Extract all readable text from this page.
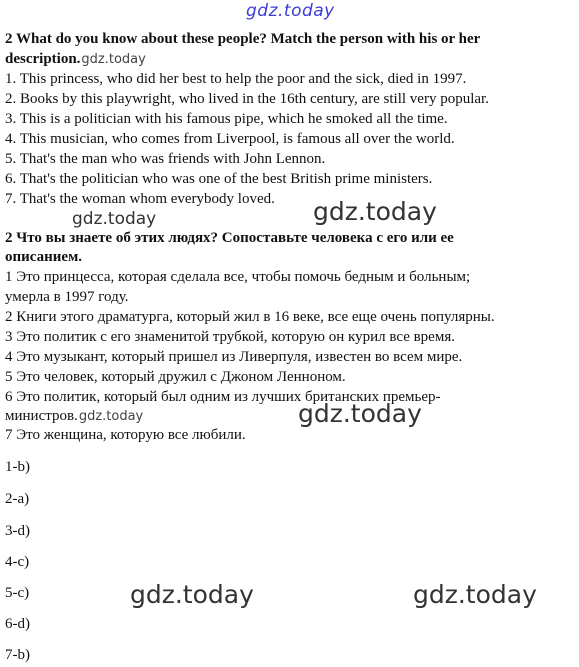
gdz.today
2 What do you know about these people? Match the person with his or her
description.gdz.today
1. This princess, who did her best to help the poor and the sick, died in 1997.
2. Books by this playwright, who lived in the 16th century, are still very popular.
3. This is a politician with his famous pipe, which he smoked all the time.
4. This musician, who comes from Liverpool, is famous all over the world.
5. That's the man who was friends with John Lennon.
6. That's the politician who was one of the best British prime ministers.
7. That's the woman whom everybody loved.
gdz.today	gdz.today
2 Что вы знаете об этих людях? Сопоставьте человека с его или ее
описанием.
1 Это принцесса, которая сделала все, чтобы помочь бедным и больным;
умерла в 1997 году.
2 Книги этого драматурга, который жил в 16 веке, все еще очень популярны.
3 Это политик с его знаменитой трубкой, которую он курил все время.
4 Это музыкант, который пришел из Ливерпуля, известен во всем мире.
5 Это человек, который дружил с Джоном Ленноном.
6 Это политик, который был одним из лучших британских премьер-
министров.gdz.today
7 Это женщина, которую все любили.
gdz.today
1-b)
2-a)
3-d)
4-c)
5-c)
6-d)
7-b)
gdz.today	gdz.today
